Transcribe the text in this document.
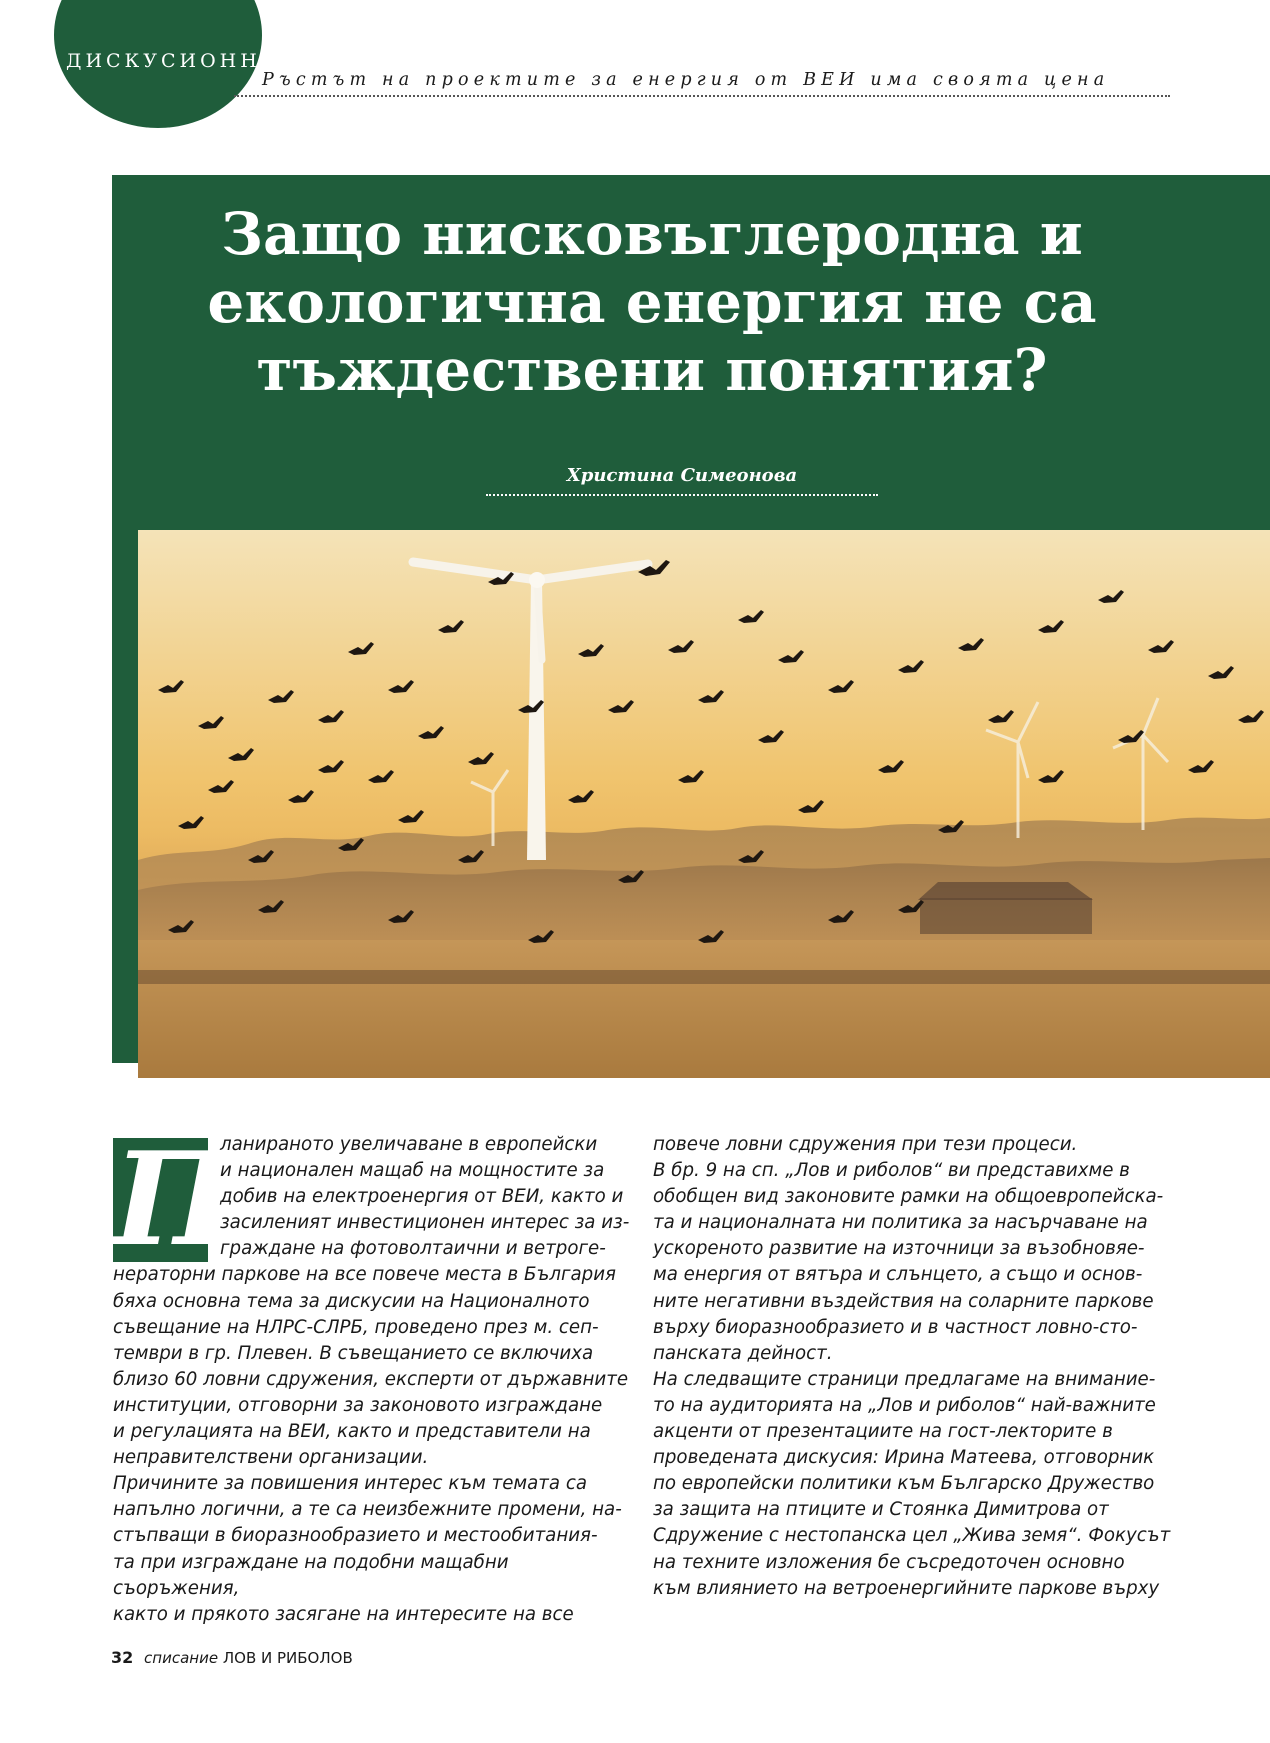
ДИСКУСИОННО
Ръстът на проектите за енергия от ВЕИ има своята цена
Защо нисковъглеродна и
екологична енергия не са
тъждествени понятия?
Христина Симеонова
П

ланираното увеличаване в европейски
и национален мащаб на мощностите за
добив на електроенергия от ВЕИ, както и
засиленият инвестиционен интерес за из-
граждане на фотоволтаични и ветроге-
нераторни паркове на все повече места в България
бяха основна тема за дискусии на Националното
съвещание на НЛРС-СЛРБ, проведено през м. сеп-
тември в гр. Плевен. В съвещанието се включиха
близо 60 ловни сдружения, експерти от държавните
институции, отговорни за законовото изграждане
и регулацията на ВЕИ, както и представители на
неправителствени организации.

Причините за повишения интерес към темата са
напълно логични, а те са неизбежните промени, на-
стъпващи в биоразнообразието и местообитания-
та при изграждане на подобни мащабни съоръжения,
както и прякото засягане на интересите на все

повече ловни сдружения при тези процеси.

В бр. 9 на сп. „Лов и риболов“ ви представихме в
обобщен вид законовите рамки на общоевропейска-
та и националната ни политика за насърчаване на
ускореното развитие на източници за възобновяе-
ма енергия от вятъра и слънцето, а също и основ-
ните негативни въздействия на соларните паркове
върху биоразнообразието и в частност ловно-сто-
панската дейност.

На следващите страници предлагаме на внимание-
то на аудиторията на „Лов и риболов“ най-важните
акценти от презентациите на гост-лекторите в
проведената дискусия: Ирина Матеева, отговорник
по европейски политики към Българско Дружество
за защита на птиците и Стоянка Димитрова от
Сдружение с нестопанска цел „Жива земя“. Фокусът
на техните изложения бе съсредоточен основно
към влиянието на ветроенергийните паркове върху

32 списание ЛОВ И РИБОЛОВ
